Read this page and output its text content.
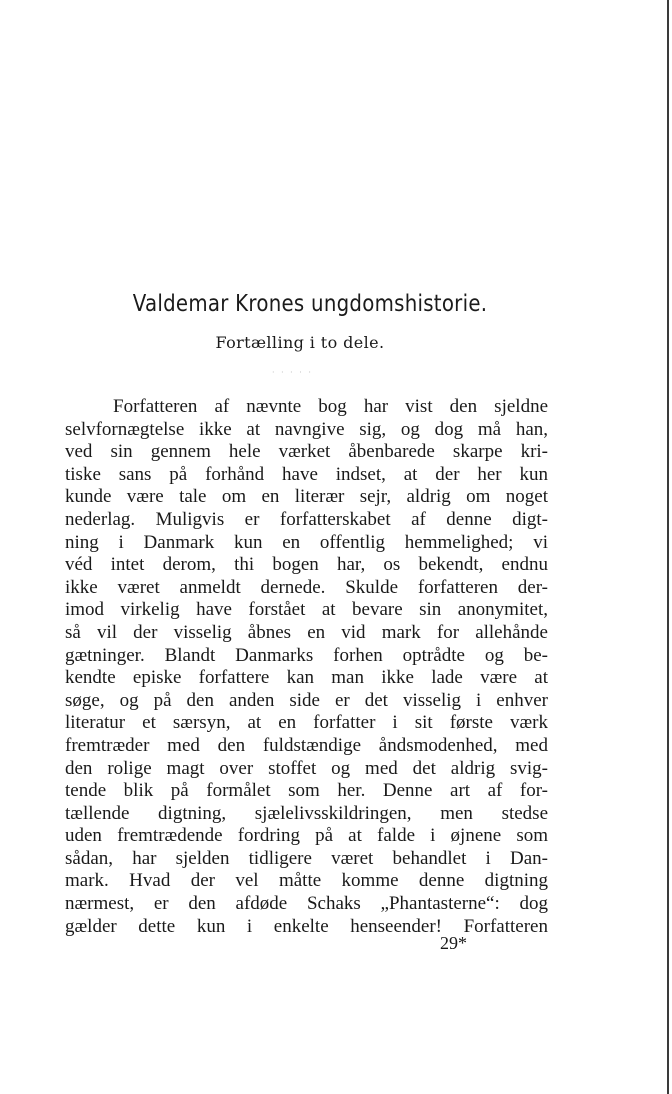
Valdemar Krones ungdomshistorie.
Fortælling i to dele.
· · · · ·
Forfatteren af nævnte bog har vist den sjeldne
selvfornægtelse ikke at navngive sig, og dog må han,
ved sin gennem hele værket åbenbarede skarpe kri-
tiske sans på forhånd have indset, at der her kun
kunde være tale om en literær sejr, aldrig om noget
nederlag. Muligvis er forfatterskabet af denne digt-
ning i Danmark kun en offentlig hemmelighed; vi
véd intet derom, thi bogen har, os bekendt, endnu
ikke været anmeldt dernede. Skulde forfatteren der-
imod virkelig have forstået at bevare sin anonymitet,
så vil der visselig åbnes en vid mark for allehånde
gætninger. Blandt Danmarks forhen optrådte og be-
kendte episke forfattere kan man ikke lade være at
søge, og på den anden side er det visselig i enhver
literatur et særsyn, at en forfatter i sit første værk
fremtræder med den fuldstændige åndsmodenhed, med
den rolige magt over stoffet og med det aldrig svig-
tende blik på formålet som her. Denne art af for-
tællende digtning, sjælelivsskildringen, men stedse
uden fremtrædende fordring på at falde i øjnene som
sådan, har sjelden tidligere været behandlet i Dan-
mark. Hvad der vel måtte komme denne digtning
nærmest, er den afdøde Schaks „Phantasterne“: dog
gælder dette kun i enkelte henseender! Forfatteren
29*
